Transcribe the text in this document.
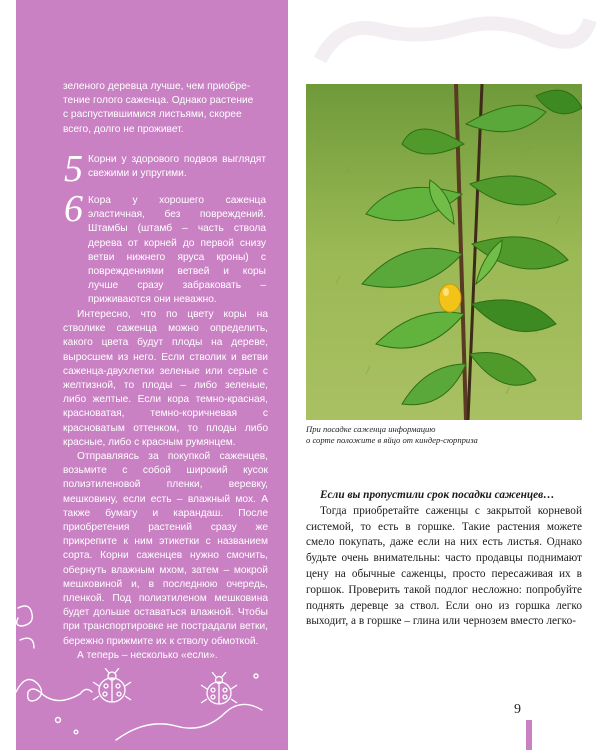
зеленого деревца лучше, чем приобре-

тение голого саженца. Однако растение

с распустившимися листьями, скорее

всего, долго не проживет.

5 Корни у здорового подвоя выглядят свежими и упругими.

6 Кора у хорошего саженца эластичная, без повреждений. Штамбы (штамб – часть ствола дерева от корней до первой снизу ветви нижнего яруса кроны) с повреждениями ветвей и коры лучше сразу забраковать – приживаются они неважно.

Интересно, что по цвету коры на стволике саженца можно определить, какого цвета будут плоды на дереве, выросшем из него. Если стволик и ветви саженца-двухлетки зеленые или серые с желтизной, то плоды – либо зеленые, либо желтые. Если кора темно-красная, красноватая, темно-коричневая с красноватым оттенком, то плоды либо красные, либо с красным румянцем.

Отправляясь за покупкой саженцев, возьмите с собой широкий кусок полиэтиленовой пленки, веревку, мешковину, если есть – влажный мох. А также бумагу и карандаш. После приобретения растений сразу же прикрепите к ним этикетки с названием сорта. Корни саженцев нужно смочить, обернуть влажным мхом, затем – мокрой мешковиной и, в последнюю очередь, пленкой. Под полиэтиленом мешковина будет дольше оставаться влажной. Чтобы при транспортировке не пострадали ветки, бережно прижмите их к стволу обмоткой.

А теперь – несколько «если».

При посадке саженца информацию
о сорте положите в яйцо от киндер-сюрприза

Если вы пропустили срок посадки саженцев…

Тогда приобретайте саженцы с закрытой корневой системой, то есть в горшке. Такие растения можете смело покупать, даже если на них есть листья. Однако будьте очень внимательны: часто продавцы поднимают цену на обычные саженцы, просто пересаживая их в горшок. Проверить такой подлог несложно: попробуйте поднять деревце за ствол. Если оно из горшка легко выходит, а в горшке – глина или чернозем вместо легко-

9
